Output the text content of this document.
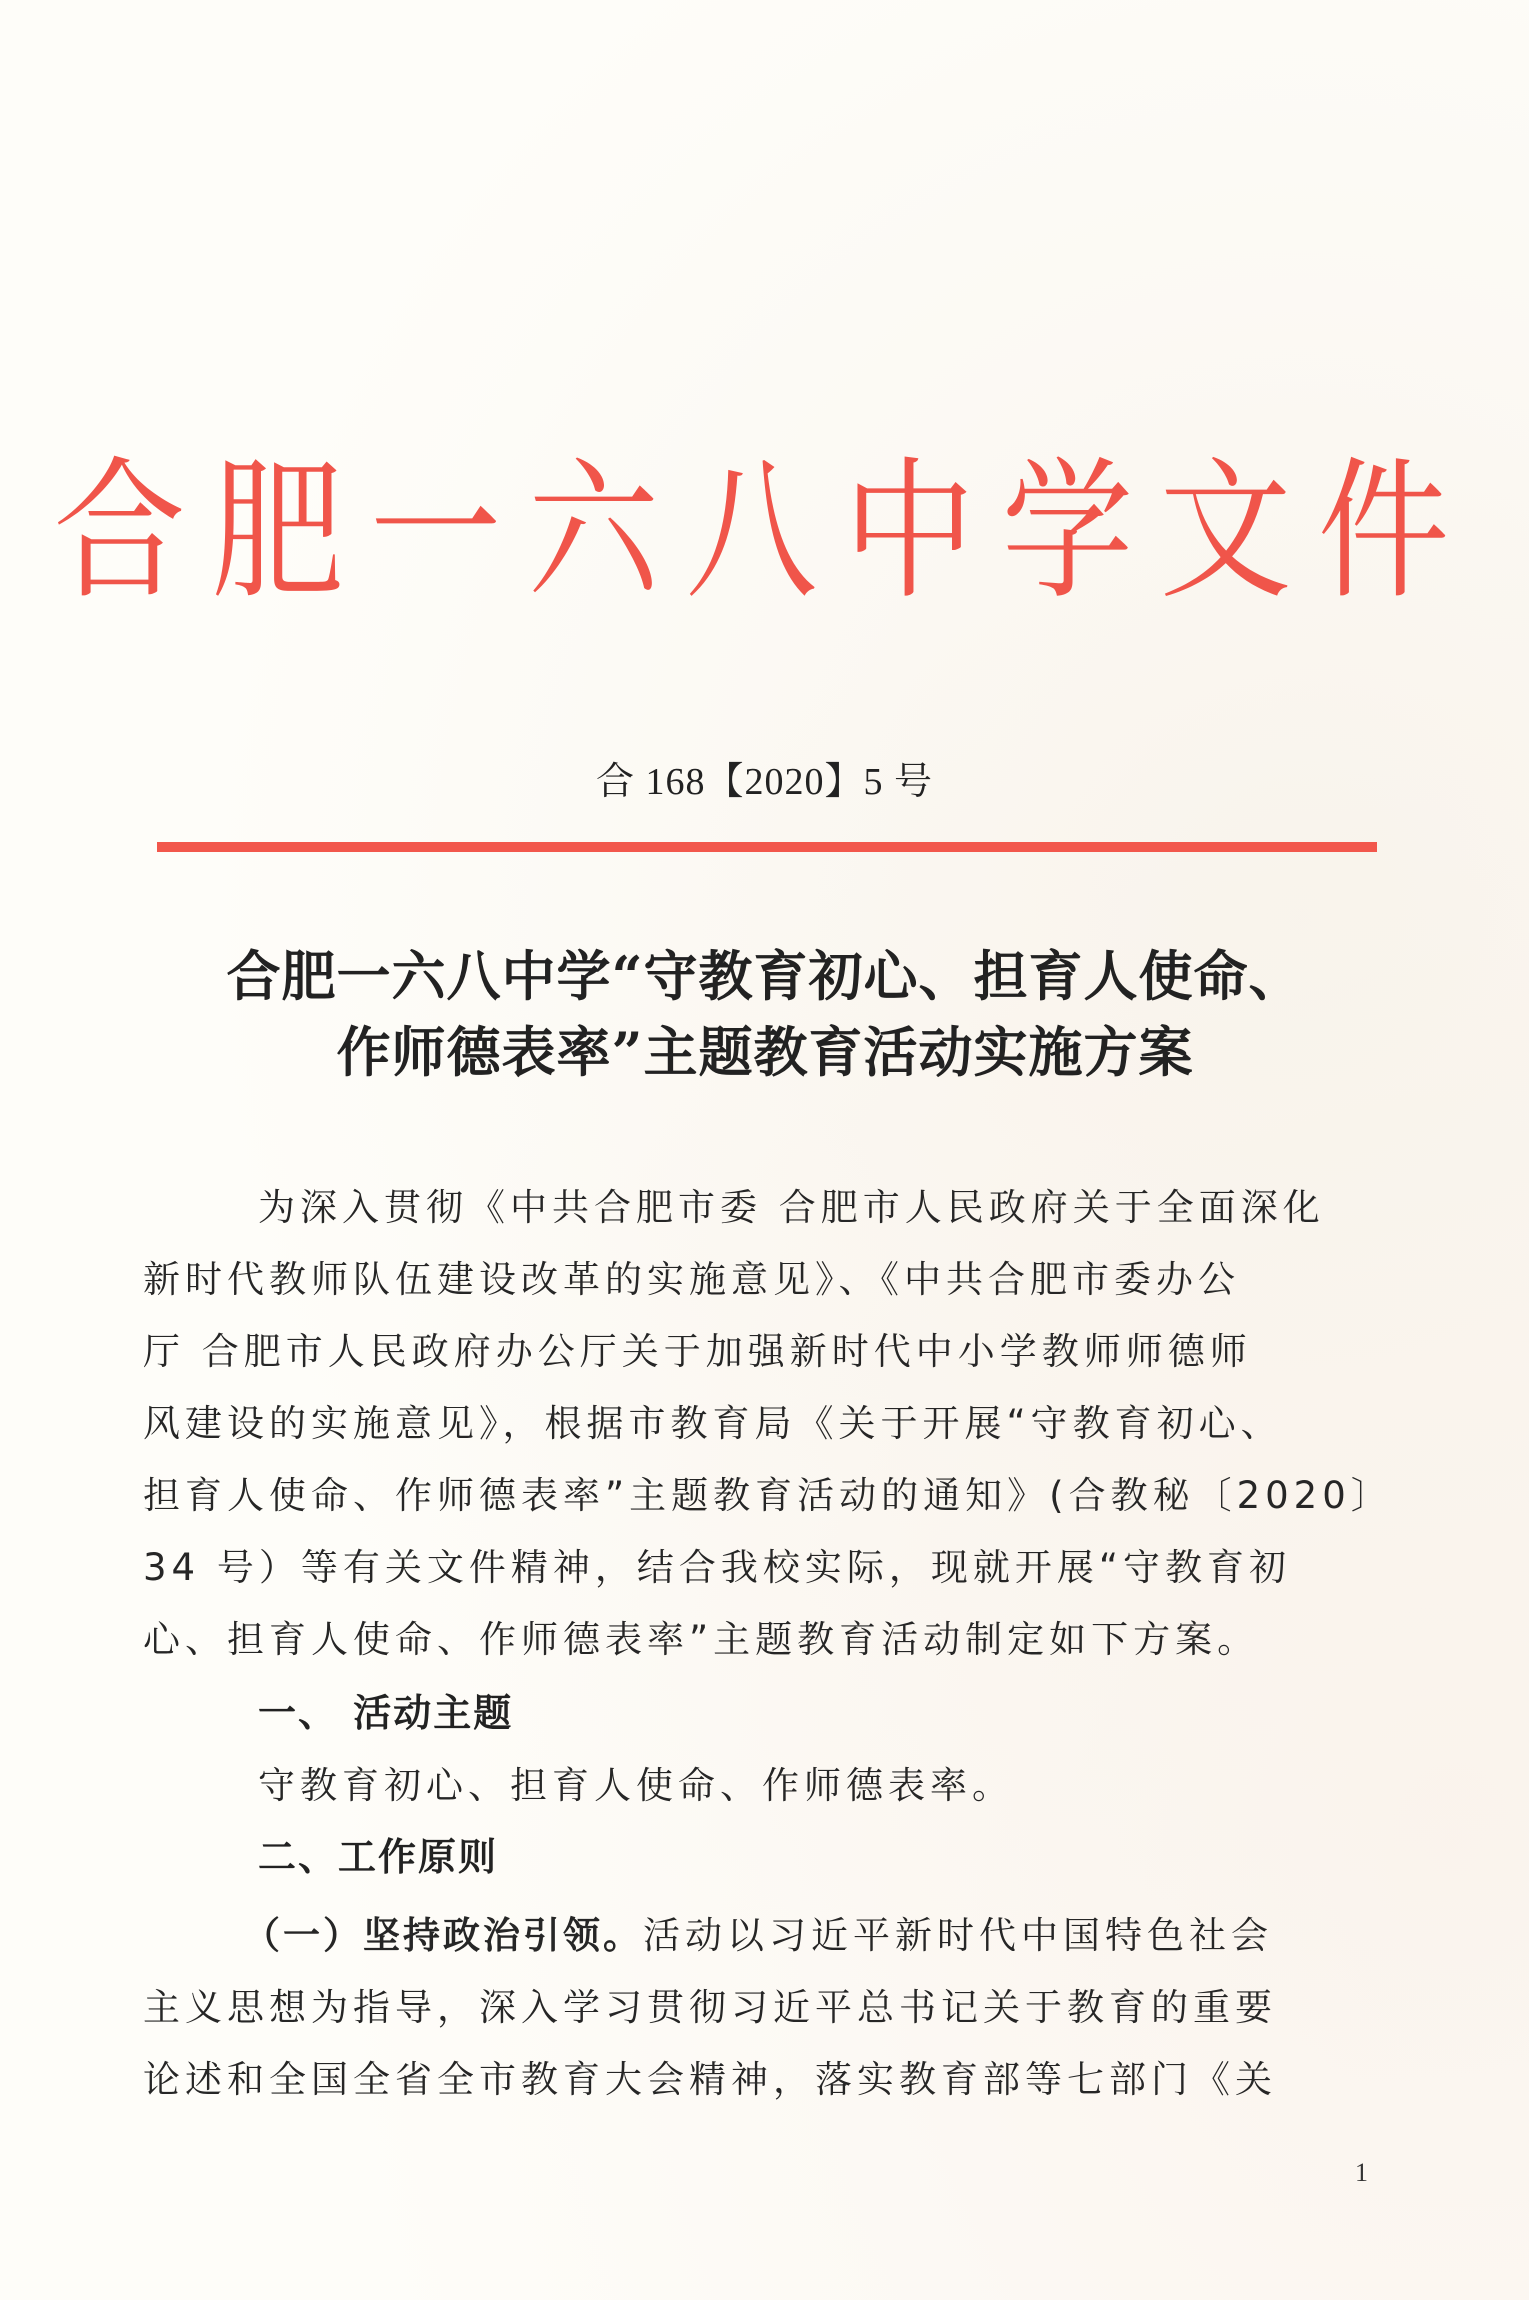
合肥一六八中学文件
合 168【2020】5 号
合肥一六八中学“守教育初心、担育人使命、
作师德表率”主题教育活动实施方案
为深入贯彻《中共合肥市委 合肥市人民政府关于全面深化
新时代教师队伍建设改革的实施意见》、《中共合肥市委办公
厅 合肥市人民政府办公厅关于加强新时代中小学教师师德师
风建设的实施意见》，根据市教育局《关于开展“守教育初心、
担育人使命、作师德表率”主题教育活动的通知》(合教秘〔2020〕
34 号）等有关文件精神，结合我校实际，现就开展“守教育初
心、担育人使命、作师德表率”主题教育活动制定如下方案。
一、 活动主题
守教育初心、担育人使命、作师德表率。
二、工作原则
（一）坚持政治引领。活动以习近平新时代中国特色社会
主义思想为指导，深入学习贯彻习近平总书记关于教育的重要
论述和全国全省全市教育大会精神，落实教育部等七部门《关
1
